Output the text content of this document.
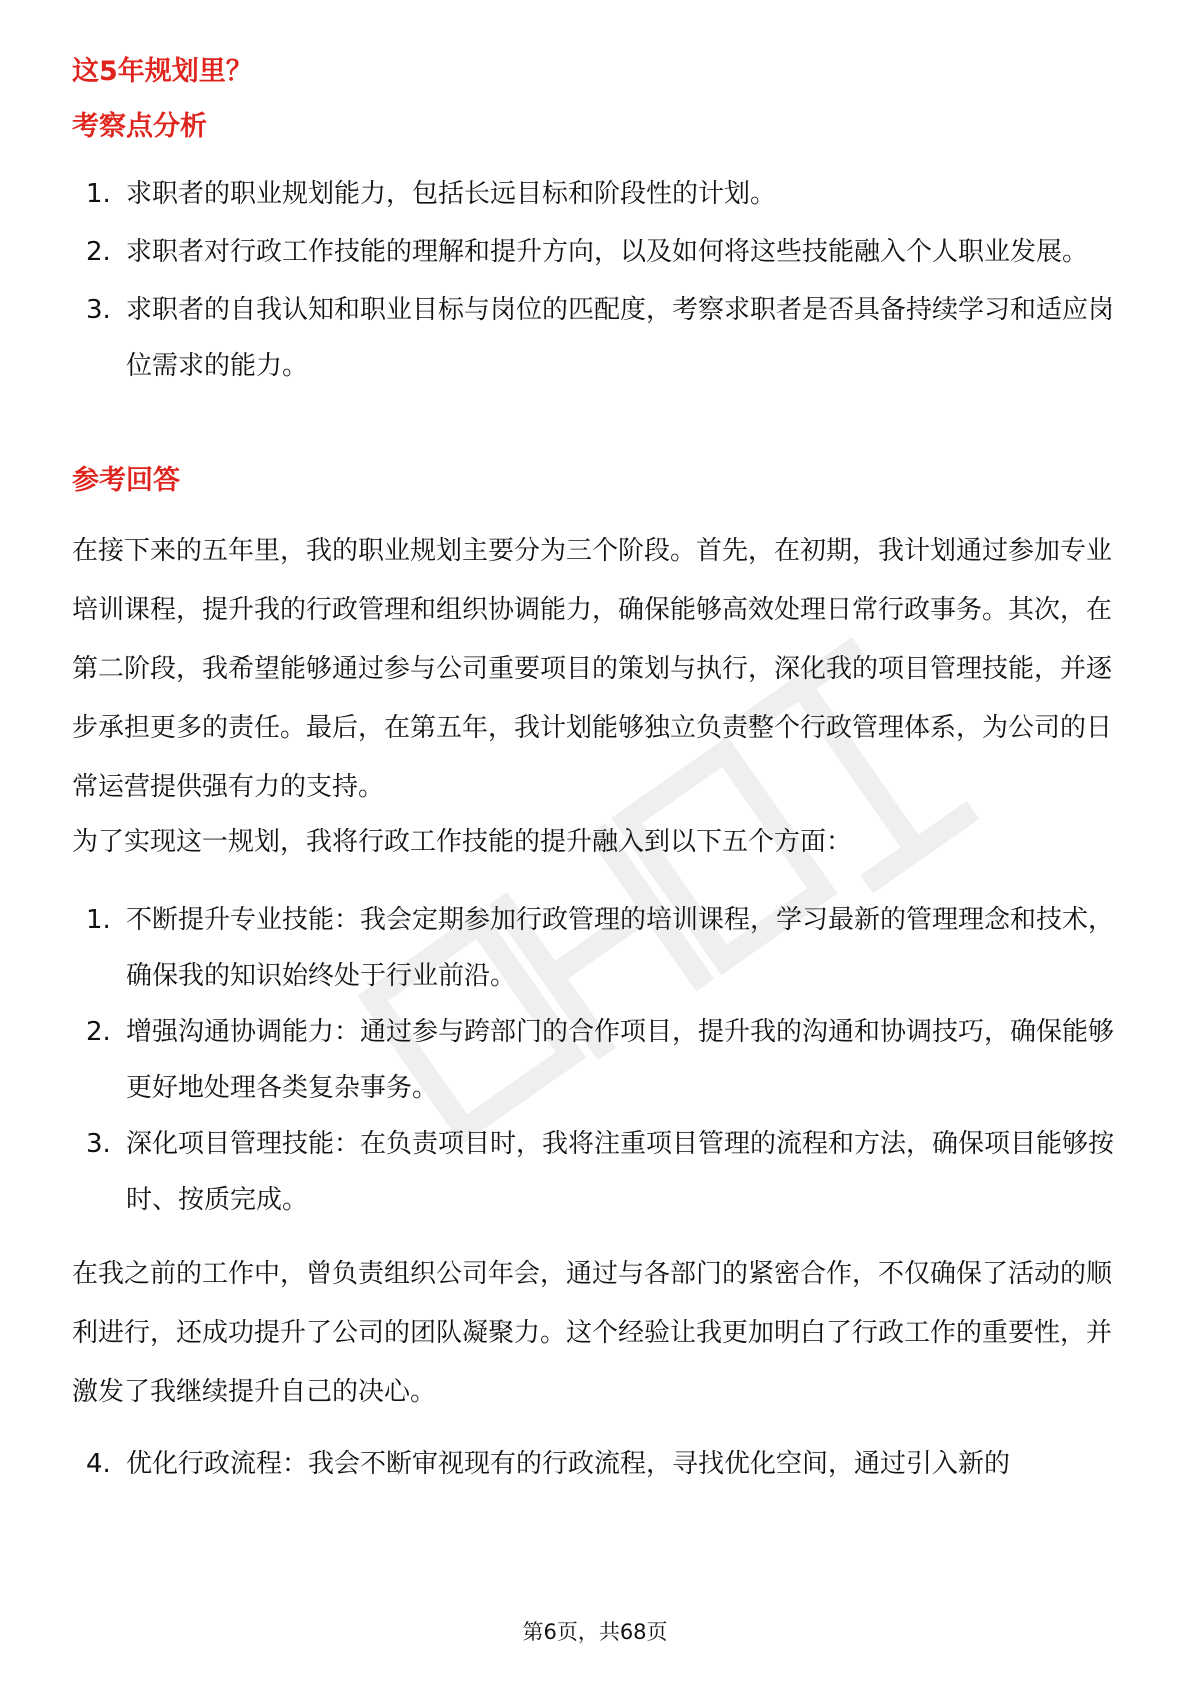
这5年规划里？
考察点分析
1. 求职者的职业规划能力，包括长远目标和阶段性的计划。
2. 求职者对行政工作技能的理解和提升方向，以及如何将这些技能融入个人职业发展。
3. 求职者的自我认知和职业目标与岗位的匹配度，考察求职者是否具备持续学习和适应岗位需求的能力。
参考回答

在接下来的五年里，我的职业规划主要分为三个阶段。首先，在初期，我计划通过参加专业培训课程，提升我的行政管理和组织协调能力，确保能够高效处理日常行政事务。其次，在第二阶段，我希望能够通过参与公司重要项目的策划与执行，深化我的项目管理技能，并逐步承担更多的责任。最后，在第五年，我计划能够独立负责整个行政管理体系，为公司的日常运营提供强有力的支持。

为了实现这一规划，我将行政工作技能的提升融入到以下五个方面：

1. 不断提升专业技能：我会定期参加行政管理的培训课程，学习最新的管理理念和技术，确保我的知识始终处于行业前沿。
2. 增强沟通协调能力：通过参与跨部门的合作项目，提升我的沟通和协调技巧，确保能够更好地处理各类复杂事务。
3. 深化项目管理技能：在负责项目时，我将注重项目管理的流程和方法，确保项目能够按时、按质完成。

在我之前的工作中，曾负责组织公司年会，通过与各部门的紧密合作，不仅确保了活动的顺利进行，还成功提升了公司的团队凝聚力。这个经验让我更加明白了行政工作的重要性，并激发了我继续提升自己的决心。

4. 优化行政流程：我会不断审视现有的行政流程，寻找优化空间，通过引入新的
第6页，共68页
